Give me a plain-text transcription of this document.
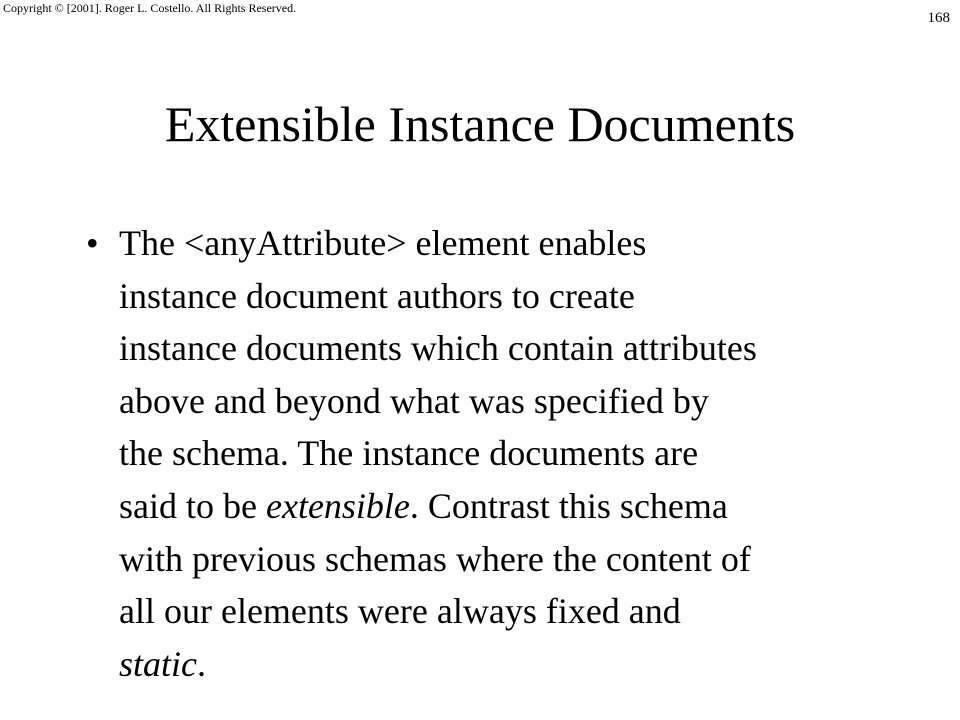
Copyright © [2001]. Roger L. Costello. All Rights Reserved.
168
Extensible Instance Documents
• The <anyAttribute> element enables
instance document authors to create
instance documents which contain attributes
above and beyond what was specified by
the schema. The instance documents are
said to be extensible. Contrast this schema
with previous schemas where the content of
all our elements were always fixed and
static.
